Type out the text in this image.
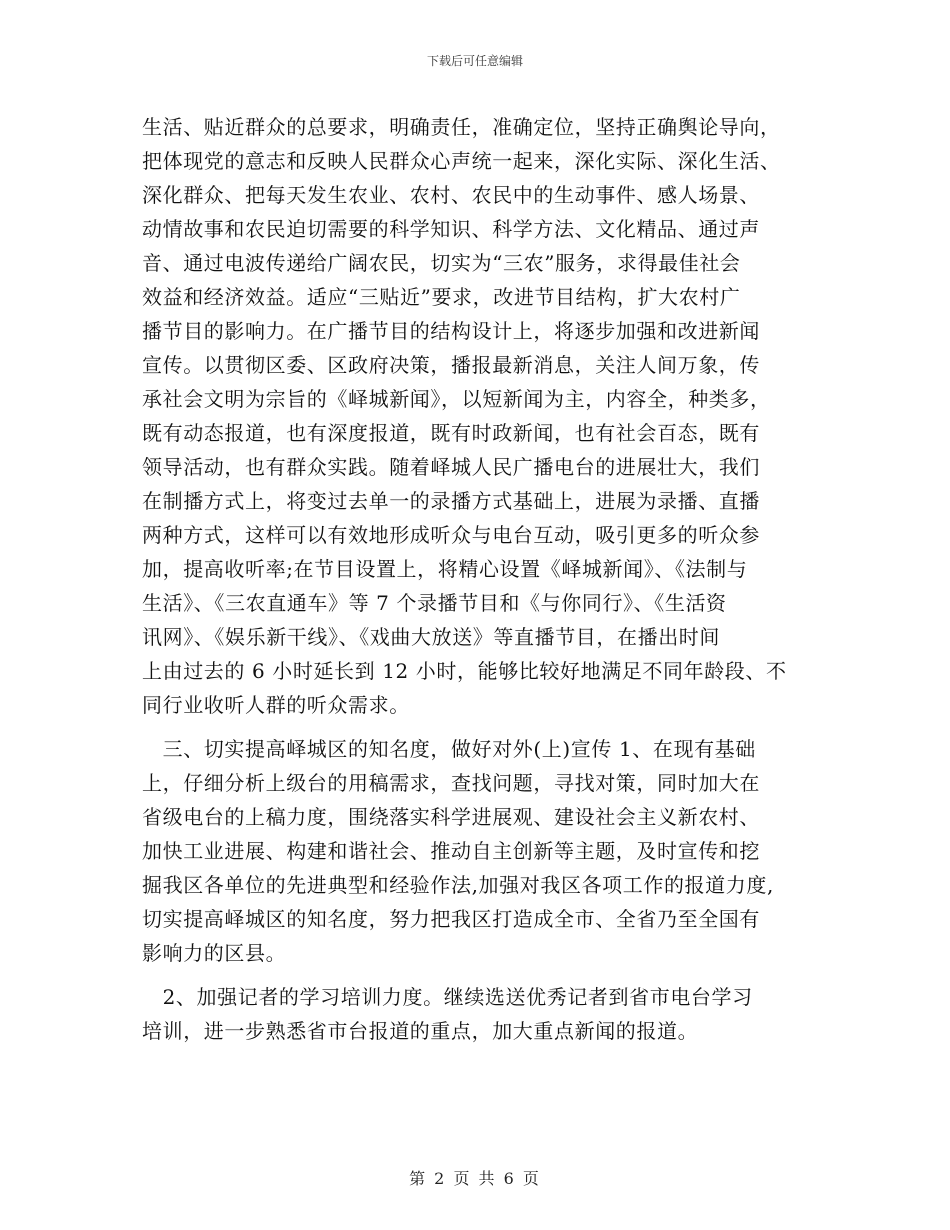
下载后可任意编辑
生活、贴近群众的总要求，明确责任，准确定位，坚持正确舆论导向，
把体现党的意志和反映人民群众心声统一起来，深化实际、深化生活、
深化群众、把每天发生农业、农村、农民中的生动事件、感人场景、
动情故事和农民迫切需要的科学知识、科学方法、文化精品、通过声
音、通过电波传递给广阔农民，切实为“三农”服务，求得最佳社会
效益和经济效益。适应“三贴近”要求，改进节目结构，扩大农村广
播节目的影响力。在广播节目的结构设计上，将逐步加强和改进新闻
宣传。以贯彻区委、区政府决策，播报最新消息，关注人间万象，传
承社会文明为宗旨的《峄城新闻》，以短新闻为主，内容全，种类多，
既有动态报道，也有深度报道，既有时政新闻，也有社会百态，既有
领导活动，也有群众实践。随着峄城人民广播电台的进展壮大，我们
在制播方式上，将变过去单一的录播方式基础上，进展为录播、直播
两种方式，这样可以有效地形成听众与电台互动，吸引更多的听众参
加，提高收听率;在节目设置上，将精心设置《峄城新闻》、《法制与
生活》、《三农直通车》等 7 个录播节目和《与你同行》、《生活资
讯网》、《娱乐新干线》、《戏曲大放送》等直播节目，在播出时间
上由过去的 6 小时延长到 12 小时，能够比较好地满足不同年龄段、不
同行业收听人群的听众需求。
　三、切实提高峄城区的知名度，做好对外(上)宣传 1、在现有基础
上，仔细分析上级台的用稿需求，查找问题，寻找对策，同时加大在
省级电台的上稿力度，围绕落实科学进展观、建设社会主义新农村、
加快工业进展、构建和谐社会、推动自主创新等主题，及时宣传和挖
掘我区各单位的先进典型和经验作法,加强对我区各项工作的报道力度,
切实提高峄城区的知名度，努力把我区打造成全市、全省乃至全国有
影响力的区县。
　2、加强记者的学习培训力度。继续选送优秀记者到省市电台学习
培训，进一步熟悉省市台报道的重点，加大重点新闻的报道。
第 2 页 共 6 页
